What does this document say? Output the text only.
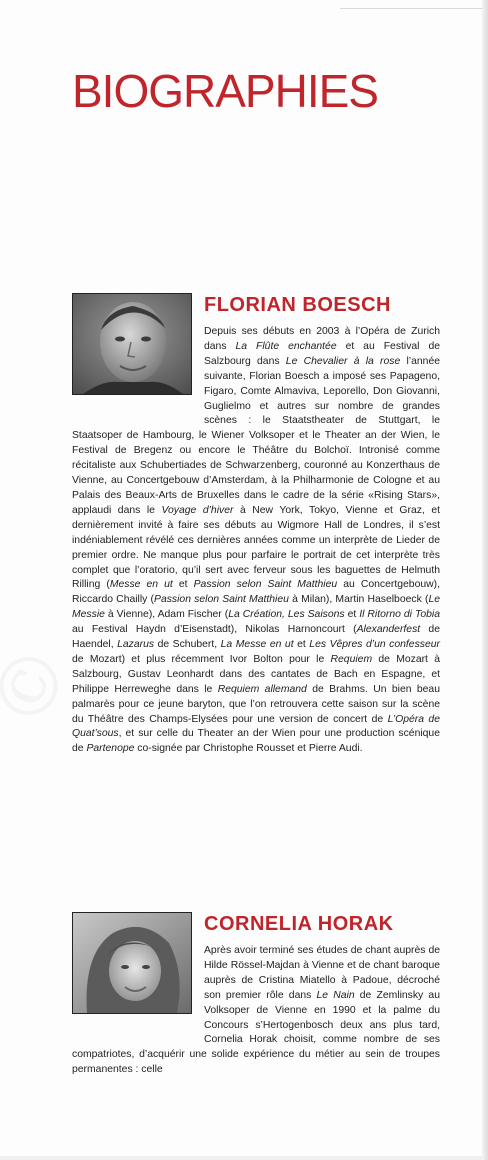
BIOGRAPHIES
FLORIAN BOESCH
Depuis ses débuts en 2003 à l’Opéra de Zurich dans La Flûte enchantée et au Festival de Salzbourg dans Le Chevalier à la rose l’année suivante, Florian Boesch a imposé ses Papageno, Figaro, Comte Almaviva, Leporello, Don Giovanni, Guglielmo et autres sur nombre de grandes scènes : le Staatstheater de Stuttgart, le Staatsoper de Hambourg, le Wiener Volksoper et le Theater an der Wien, le Festival de Bregenz ou encore le Théâtre du Bolchoï. Intronisé comme récitaliste aux Schubertiades de Schwarzenberg, couronné au Konzerthaus de Vienne, au Concertgebouw d’Amsterdam, à la Philharmonie de Cologne et au Palais des Beaux-Arts de Bruxelles dans le cadre de la série «Rising Stars», applaudi dans le Voyage d’hiver à New York, Tokyo, Vienne et Graz, et dernièrement invité à faire ses débuts au Wigmore Hall de Londres, il s’est indéniablement révélé ces dernières années comme un interprète de Lieder de premier ordre. Ne manque plus pour parfaire le portrait de cet interprète très complet que l’oratorio, qu’il sert avec ferveur sous les baguettes de Helmuth Rilling (Messe en ut et Passion selon Saint Matthieu au Concertgebouw), Riccardo Chailly (Passion selon Saint Matthieu à Milan), Martin Haselboeck (Le Messie à Vienne), Adam Fischer (La Création, Les Saisons et Il Ritorno di Tobia au Festival Haydn d’Eisenstadt), Nikolas Harnoncourt (Alexanderfest de Haendel, Lazarus de Schubert, La Messe en ut et Les Vêpres d’un confesseur de Mozart) et plus récemment Ivor Bolton pour le Requiem de Mozart à Salzbourg, Gustav Leonhardt dans des cantates de Bach en Espagne, et Philippe Herreweghe dans le Requiem allemand de Brahms. Un bien beau palmarès pour ce jeune baryton, que l’on retrouvera cette saison sur la scène du Théâtre des Champs-Elysées pour une version de concert de L’Opéra de Quat’sous, et sur celle du Theater an der Wien pour une production scénique de Partenope co-signée par Christophe Rousset et Pierre Audi.
CORNELIA HORAK
Après avoir terminé ses études de chant auprès de Hilde Rössel-Majdan à Vienne et de chant baroque auprès de Cristina Miatello à Padoue, décroché son premier rôle dans Le Nain de Zemlinsky au Volksoper de Vienne en 1990 et la palme du Concours s’Hertogenbosch deux ans plus tard, Cornelia Horak choisit, comme nombre de ses compatriotes, d’acquérir une solide expérience du métier au sein de troupes permanentes : celle
